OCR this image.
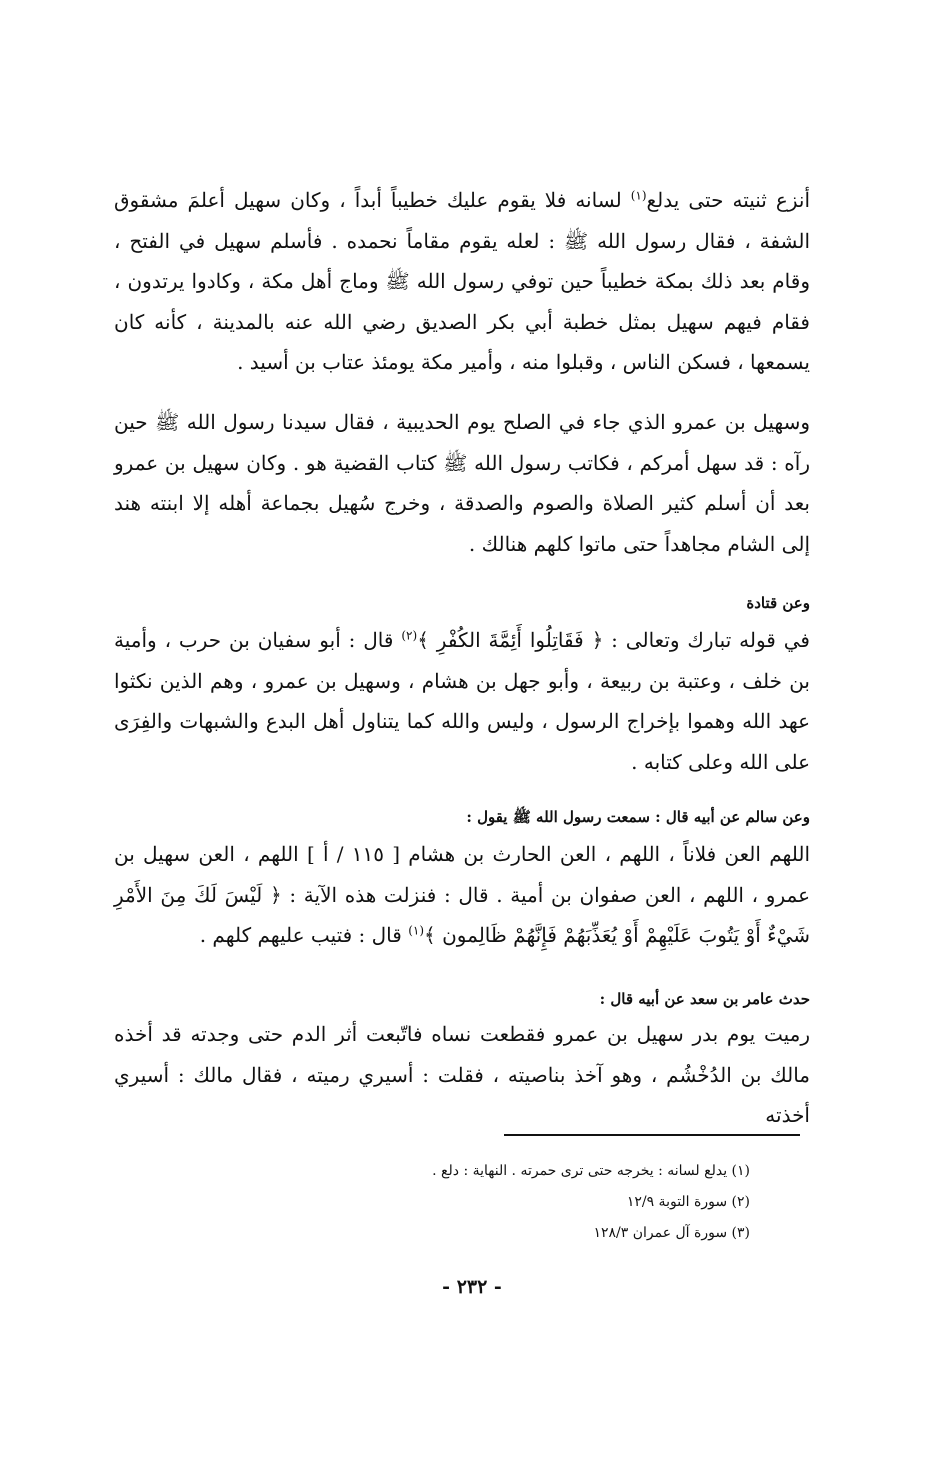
أنزع ثنيته حتى يدلع$^{(١)}$ لسانه فلا يقوم عليك خطيباً أبداً ، وكان سهيل أعلمَ مشقوق الشفة ، فقال رسول الله ﷺ : لعله يقوم مقاماً نحمده . فأسلم سهيل في الفتح ، وقام بعد ذلك بمكة خطيباً حين توفي رسول الله ﷺ وماج أهل مكة ، وكادوا يرتدون ، فقام فيهم سهيل بمثل خطبة أبي بكر الصديق رضي الله عنه بالمدينة ، كأنه كان يسمعها ، فسكن الناس ، وقبلوا منه ، وأمير مكة يومئذ عتاب بن أسيد .

وسهيل بن عمرو الذي جاء في الصلح يوم الحديبية ، فقال سيدنا رسول الله ﷺ حين رآه : قد سهل أمركم ، فكاتب رسول الله ﷺ كتاب القضية هو . وكان سهيل بن عمرو بعد أن أسلم كثير الصلاة والصوم والصدقة ، وخرج سُهيل بجماعة أهله إلا ابنته هند إلى الشام مجاهداً حتى ماتوا كلهم هنالك .

وعن قتادة

في قوله تبارك وتعالى : ﴿ فَقَاتِلُوا أَئِمَّةَ الكُفْرِ ﴾$^{(٢)}$ قال : أبو سفيان بن حرب ، وأمية بن خلف ، وعتبة بن ربيعة ، وأبو جهل بن هشام ، وسهيل بن عمرو ، وهم الذين نكثوا عهد الله وهموا بإخراج الرسول ، وليس والله كما يتناول أهل البدع والشبهات والفِرَى على الله وعلى كتابه .

وعن سالم عن أبيه قال : سمعت رسول الله ﷺ يقول :

اللهم العن فلاناً ، اللهم ، العن الحارث بن هشام [ ١١٥ / أ ] اللهم ، العن سهيل بن عمرو ، اللهم ، العن صفوان بن أمية . قال : فنزلت هذه الآية : ﴿ لَيْسَ لَكَ مِنَ الأَمْرِ شَيْءٌ أَوْ يَتُوبَ عَلَيْهِمْ أَوْ يُعَذِّبَهُمْ فَإِنَّهُمْ ظَالِمون ﴾$^{(١)}$ قال : فتيب عليهم كلهم .

حدث عامر بن سعد عن أبيه قال :

رميت يوم بدر سهيل بن عمرو فقطعت نساه فاتّبعت أثر الدم حتى وجدته قد أخذه مالك بن الدُخْشُم ، وهو آخذ بناصيته ، فقلت : أسيري رميته ، فقال مالك : أسيري أخذته

(١) يدلع لسانه : يخرجه حتى ترى حمرته . النهاية : دلع .
(٢) سورة التوبة ١٢/٩
(٣) سورة آل عمران ١٢٨/٣
- ٢٣٢ -
